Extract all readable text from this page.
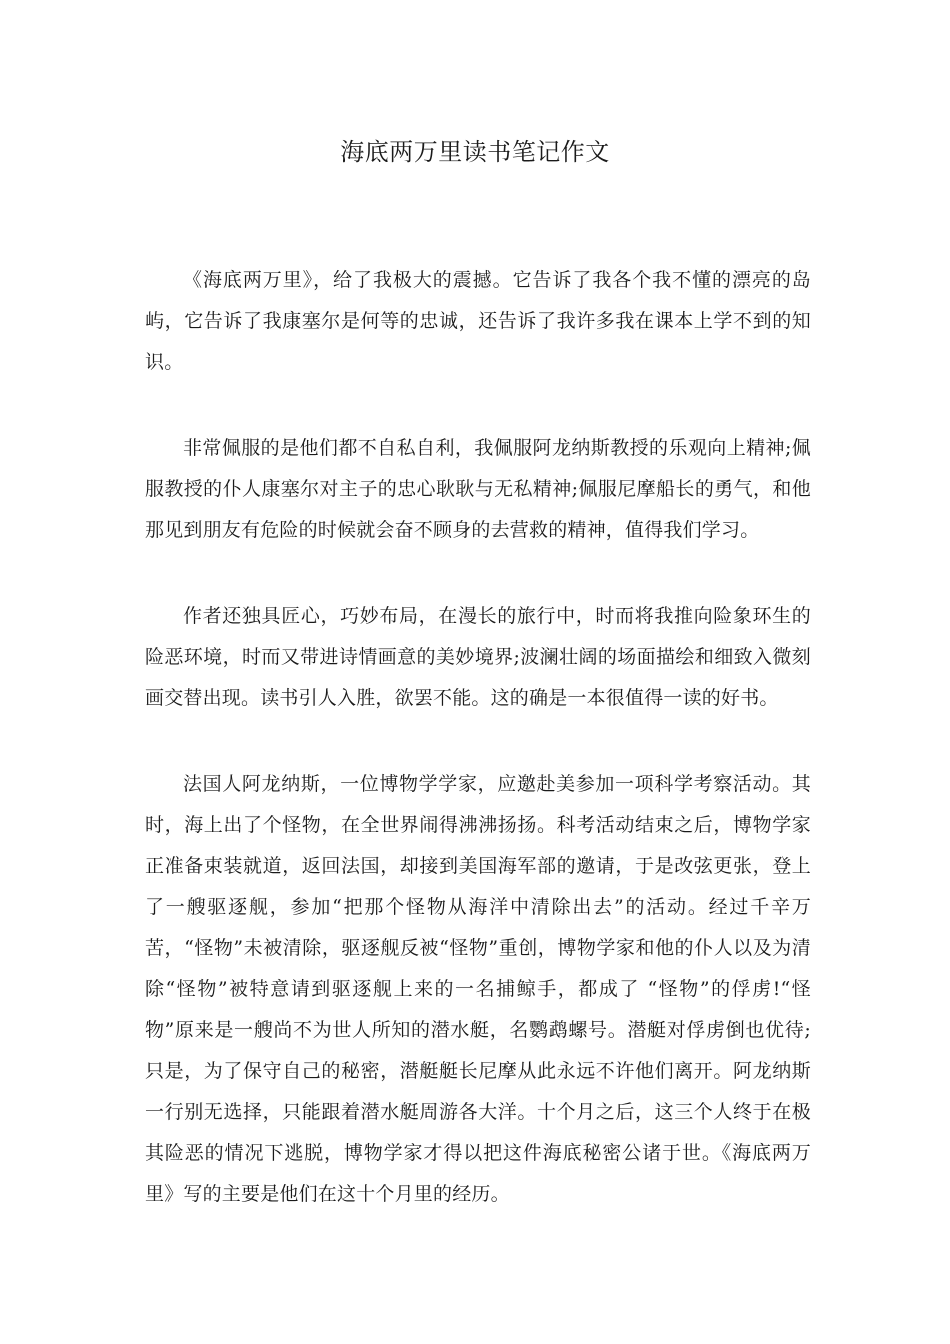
海底两万里读书笔记作文

《海底两万里》，给了我极大的震撼。它告诉了我各个我不懂的漂亮的岛屿，它告诉了我康塞尔是何等的忠诚，还告诉了我许多我在课本上学不到的知识。

非常佩服的是他们都不自私自利，我佩服阿龙纳斯教授的乐观向上精神;佩服教授的仆人康塞尔对主子的忠心耿耿与无私精神;佩服尼摩船长的勇气，和他那见到朋友有危险的时候就会奋不顾身的去营救的精神，值得我们学习。

作者还独具匠心，巧妙布局，在漫长的旅行中，时而将我推向险象环生的险恶环境，时而又带进诗情画意的美妙境界;波澜壮阔的场面描绘和细致入微刻画交替出现。读书引人入胜，欲罢不能。这的确是一本很值得一读的好书。

法国人阿龙纳斯，一位博物学学家，应邀赴美参加一项科学考察活动。其时，海上出了个怪物，在全世界闹得沸沸扬扬。科考活动结束之后，博物学家正准备束装就道，返回法国，却接到美国海军部的邀请，于是改弦更张，登上了一艘驱逐舰，参加“把那个怪物从海洋中清除出去”的活动。经过千辛万苦，“怪物”未被清除，驱逐舰反被“怪物”重创，博物学家和他的仆人以及为清除“怪物”被特意请到驱逐舰上来的一名捕鲸手，都成了 “怪物”的俘虏!“怪物”原来是一艘尚不为世人所知的潜水艇，名鹦鹉螺号。潜艇对俘虏倒也优待;只是，为了保守自己的秘密，潜艇艇长尼摩从此永远不许他们离开。阿龙纳斯一行别无选择，只能跟着潜水艇周游各大洋。十个月之后，这三个人终于在极其险恶的情况下逃脱，博物学家才得以把这件海底秘密公诸于世。《海底两万里》写的主要是他们在这十个月里的经历。
